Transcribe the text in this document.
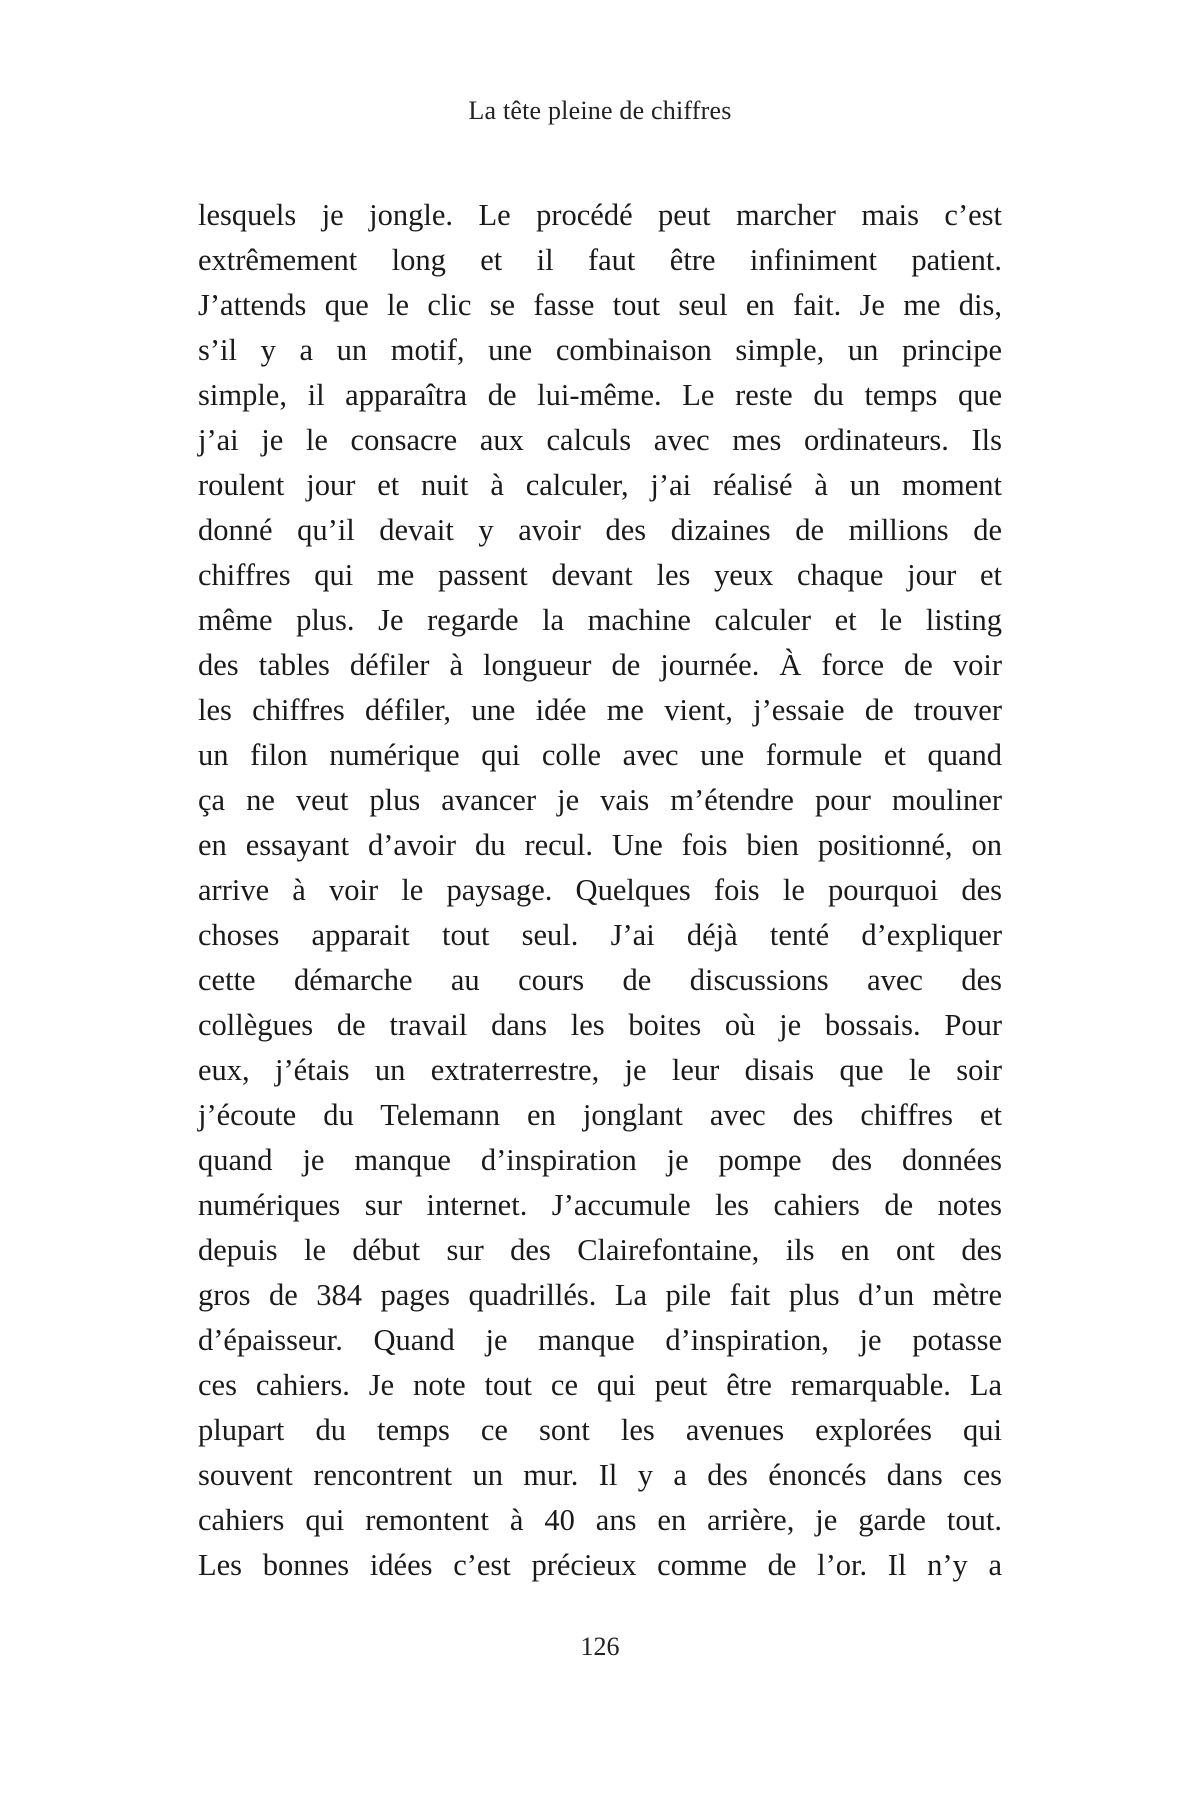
La tête pleine de chiffres
lesquels je jongle. Le procédé peut marcher mais c’est
extrêmement long et il faut être infiniment patient.
J’attends que le clic se fasse tout seul en fait. Je me dis,
s’il y a un motif, une combinaison simple, un principe
simple, il apparaîtra de lui-même. Le reste du temps que
j’ai je le consacre aux calculs avec mes ordinateurs. Ils
roulent jour et nuit à calculer, j’ai réalisé à un moment
donné qu’il devait y avoir des dizaines de millions de
chiffres qui me passent devant les yeux chaque jour et
même plus. Je regarde la machine calculer et le listing
des tables défiler à longueur de journée. À force de voir
les chiffres défiler, une idée me vient, j’essaie de trouver
un filon numérique qui colle avec une formule et quand
ça ne veut plus avancer je vais m’étendre pour mouliner
en essayant d’avoir du recul. Une fois bien positionné, on
arrive à voir le paysage. Quelques fois le pourquoi des
choses apparait tout seul. J’ai déjà tenté d’expliquer
cette démarche au cours de discussions avec des
collègues de travail dans les boites où je bossais. Pour
eux, j’étais un extraterrestre, je leur disais que le soir
j’écoute du Telemann en jonglant avec des chiffres et
quand je manque d’inspiration je pompe des données
numériques sur internet. J’accumule les cahiers de notes
depuis le début sur des Clairefontaine, ils en ont des
gros de 384 pages quadrillés. La pile fait plus d’un mètre
d’épaisseur. Quand je manque d’inspiration, je potasse
ces cahiers. Je note tout ce qui peut être remarquable. La
plupart du temps ce sont les avenues explorées qui
souvent rencontrent un mur. Il y a des énoncés dans ces
cahiers qui remontent à 40 ans en arrière, je garde tout.
Les bonnes idées c’est précieux comme de l’or. Il n’y a
126
